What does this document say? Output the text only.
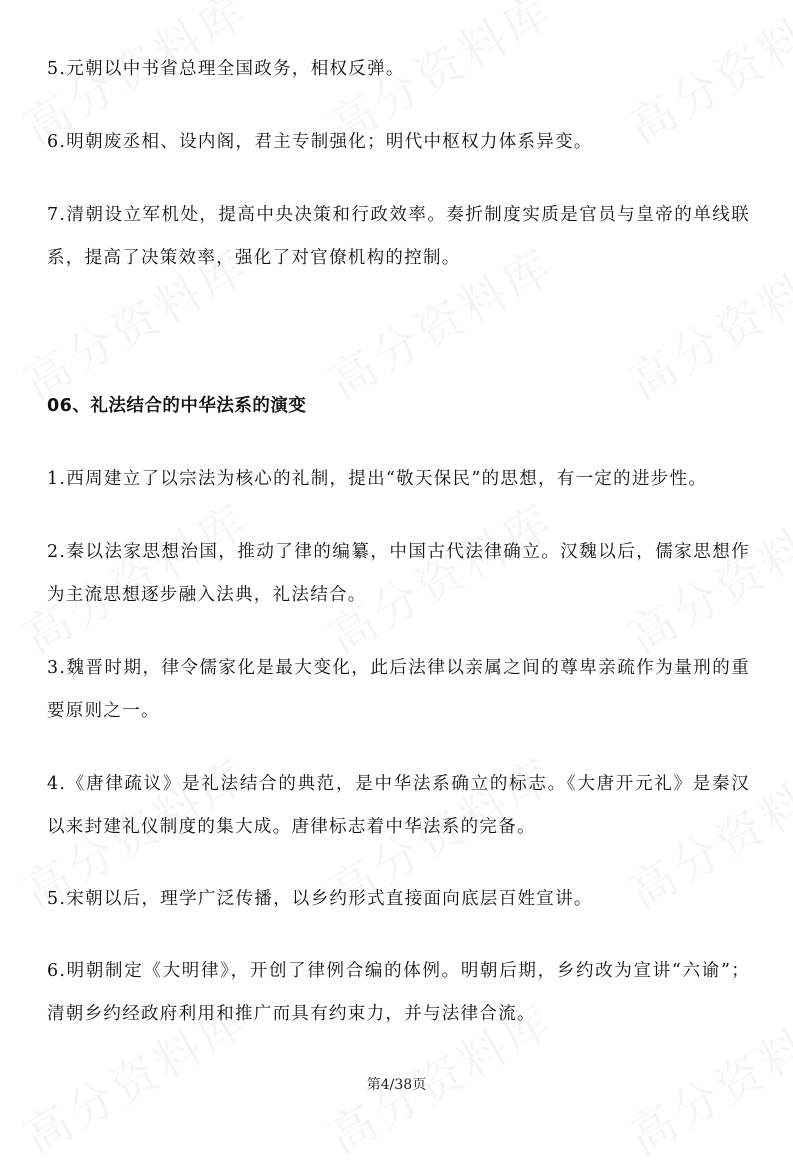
5.元朝以中书省总理全国政务，相权反弹。

6.明朝废丞相、设内阁，君主专制强化；明代中枢权力体系异变。

7.清朝设立军机处，提高中央决策和行政效率。奏折制度实质是官员与皇帝的单线联系，提高了决策效率，强化了对官僚机构的控制。

06、礼法结合的中华法系的演变

1.西周建立了以宗法为核心的礼制，提出“敬天保民”的思想，有一定的进步性。

2.秦以法家思想治国，推动了律的编纂，中国古代法律确立。汉魏以后，儒家思想作为主流思想逐步融入法典，礼法结合。

3.魏晋时期，律令儒家化是最大变化，此后法律以亲属之间的尊卑亲疏作为量刑的重要原则之一。

4.《唐律疏议》是礼法结合的典范，是中华法系确立的标志。《大唐开元礼》是秦汉以来封建礼仪制度的集大成。唐律标志着中华法系的完备。

5.宋朝以后，理学广泛传播，以乡约形式直接面向底层百姓宣讲。

6.明朝制定《大明律》，开创了律例合编的体例。明朝后期，乡约改为宣讲“六谕”；清朝乡约经政府利用和推广而具有约束力，并与法律合流。

第4/38页
